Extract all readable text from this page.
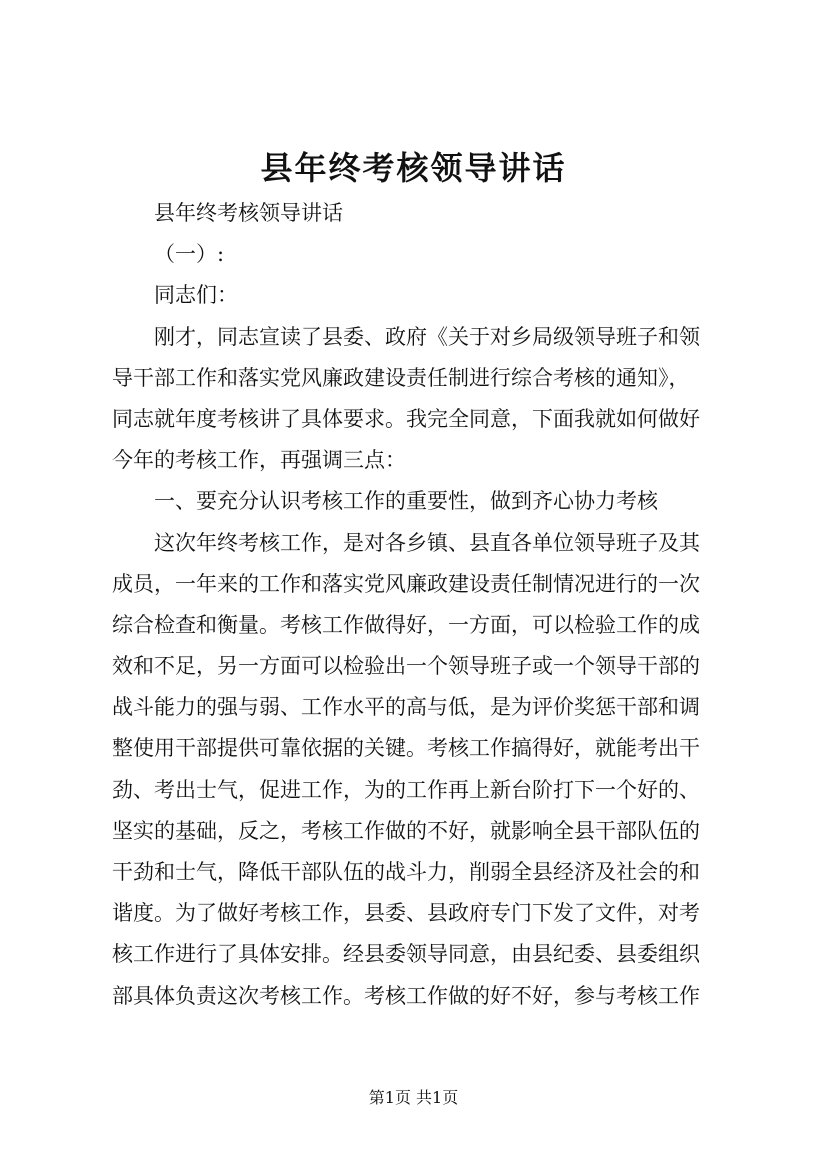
县年终考核领导讲话
县年终考核领导讲话
（一）:
同志们：
刚才，同志宣读了县委、政府《关于对乡局级领导班子和领
导干部工作和落实党风廉政建设责任制进行综合考核的通知》，
同志就年度考核讲了具体要求。我完全同意，下面我就如何做好
今年的考核工作，再强调三点：
一、要充分认识考核工作的重要性，做到齐心协力考核
这次年终考核工作，是对各乡镇、县直各单位领导班子及其
成员，一年来的工作和落实党风廉政建设责任制情况进行的一次
综合检查和衡量。考核工作做得好，一方面，可以检验工作的成
效和不足，另一方面可以检验出一个领导班子或一个领导干部的
战斗能力的强与弱、工作水平的高与低，是为评价奖惩干部和调
整使用干部提供可靠依据的关键。考核工作搞得好，就能考出干
劲、考出士气，促进工作，为的工作再上新台阶打下一个好的、
坚实的基础，反之，考核工作做的不好，就影响全县干部队伍的
干劲和士气，降低干部队伍的战斗力，削弱全县经济及社会的和
谐度。为了做好考核工作，县委、县政府专门下发了文件，对考
核工作进行了具体安排。经县委领导同意，由县纪委、县委组织
部具体负责这次考核工作。考核工作做的好不好，参与考核工作
第1页 共1页
